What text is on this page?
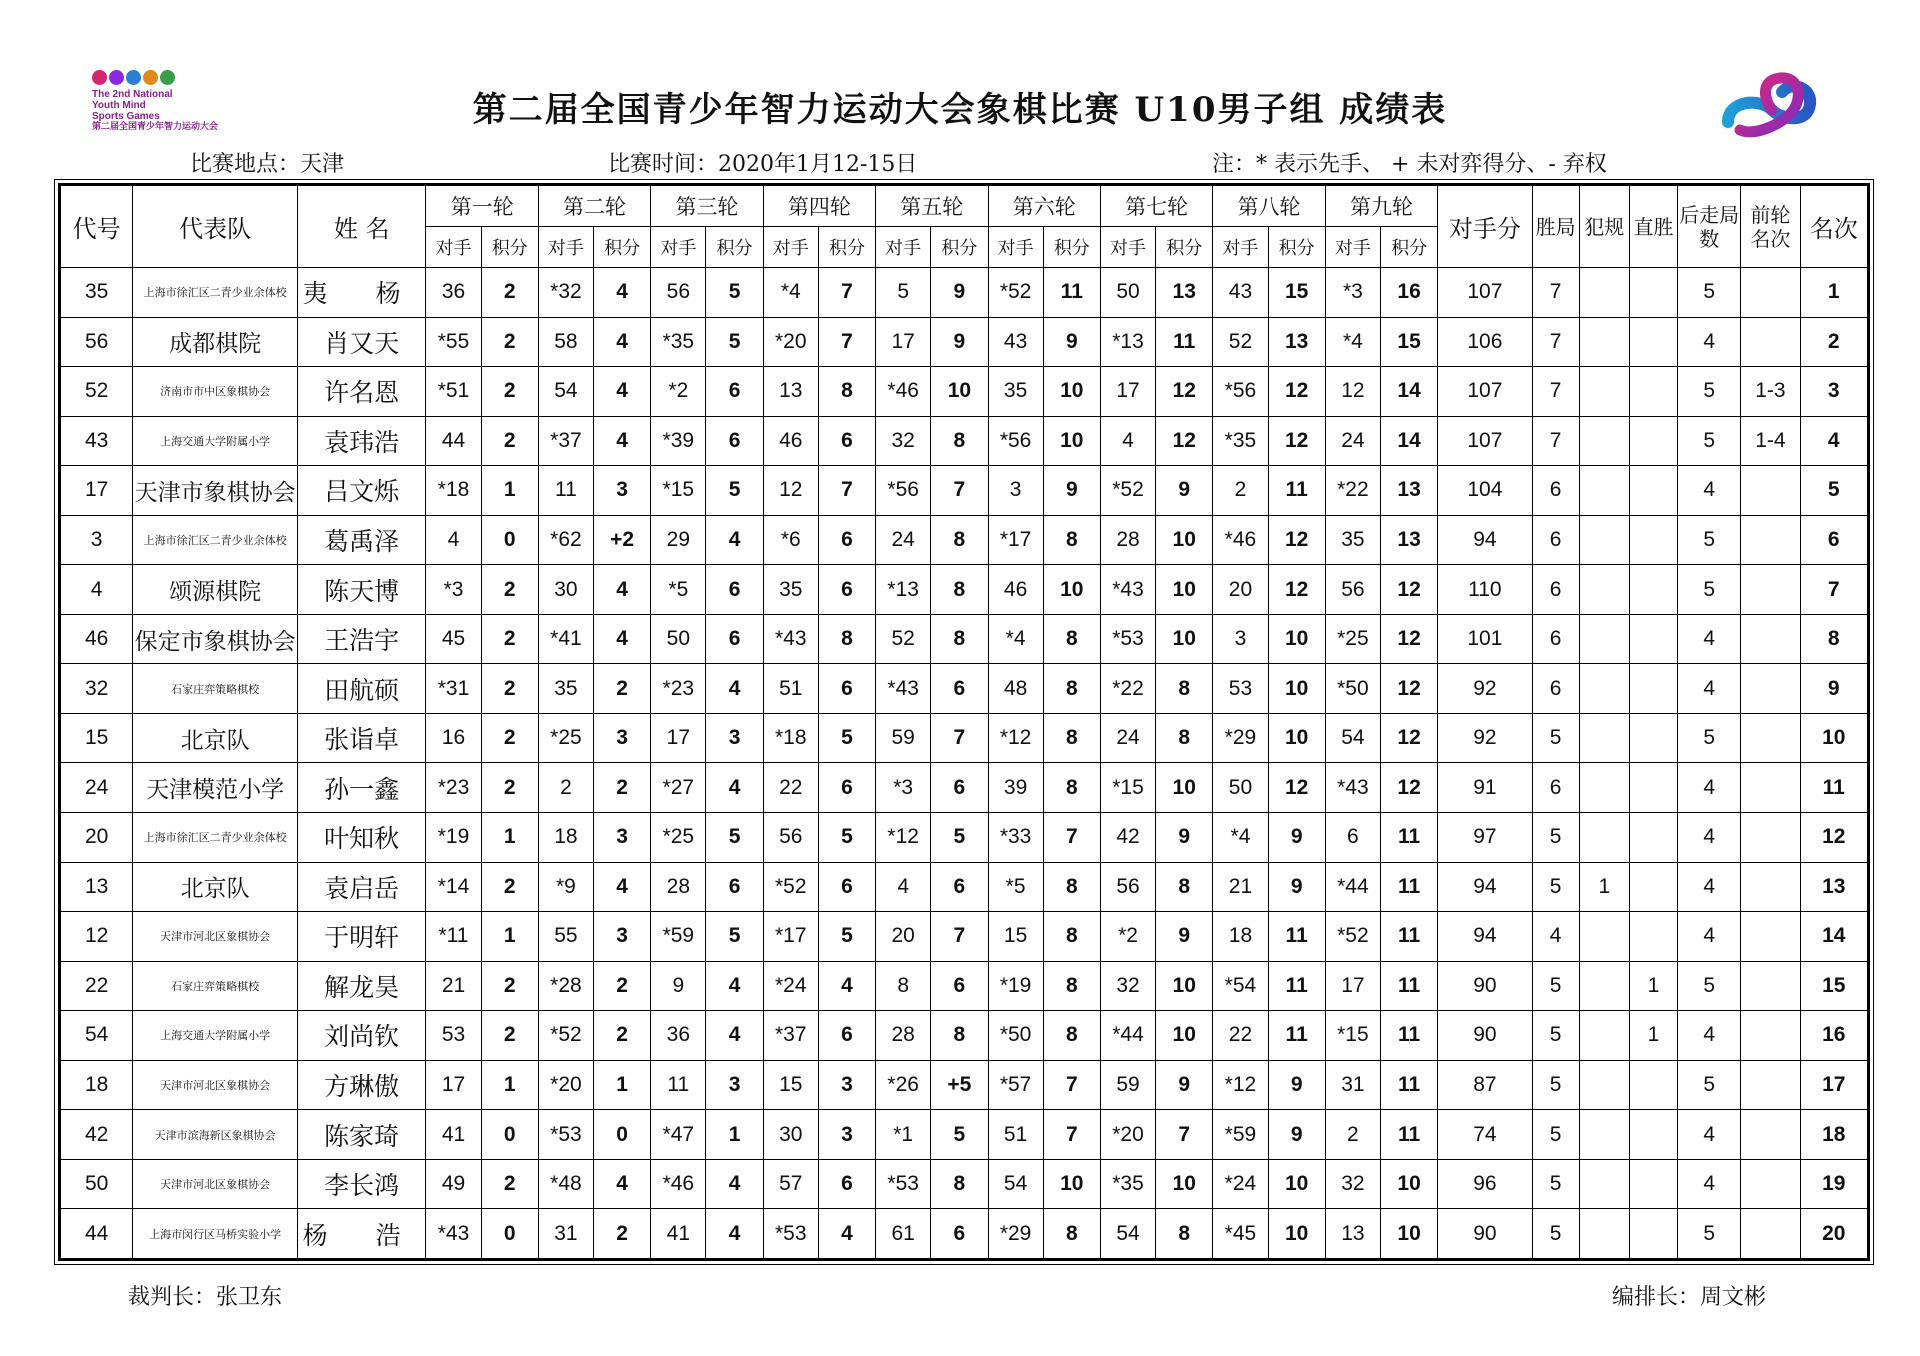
The 2nd National
Youth Mind
Sports Games
第二届全国青少年智力运动大会	第二届全国青少年智力运动大会象棋比赛 U10男子组 成绩表
比赛地点：天津	比赛时间：2020年1月12-15日	注：* 表示先手、 + 未对弈得分、- 弃权
代号	代表队	姓 名	第一轮		第二轮		第三轮		第四轮		第五轮		第六轮		第七轮		第八轮		第九轮		对手分	胜局	犯规	直胜	后走局数	前轮名次	名次
			对手	积分	对手	积分	对手	积分	对手	积分	对手	积分	对手	积分	对手	积分	对手	积分	对手	积分							
35	上海市徐汇区二青少业余体校	夷 杨	36	2	*32	4	56	5	*4	7	5	9	*52	11	50	13	43	15	*3	16	107	7			5		1
56	成都棋院	肖又天	*55	2	58	4	*35	5	*20	7	17	9	43	9	*13	11	52	13	*4	15	106	7			4		2
52	济南市市中区象棋协会	许名恩	*51	2	54	4	*2	6	13	8	*46	10	35	10	17	12	*56	12	12	14	107	7			5	1-3	3
43	上海交通大学附属小学	袁玮浩	44	2	*37	4	*39	6	46	6	32	8	*56	10	4	12	*35	12	24	14	107	7			5	1-4	4
17	天津市象棋协会	吕文烁	*18	1	11	3	*15	5	12	7	*56	7	3	9	*52	9	2	11	*22	13	104	6			4		5
3	上海市徐汇区二青少业余体校	葛禹泽	4	0	*62	+2	29	4	*6	6	24	8	*17	8	28	10	*46	12	35	13	94	6			5		6
4	颂源棋院	陈天博	*3	2	30	4	*5	6	35	6	*13	8	46	10	*43	10	20	12	56	12	110	6			5		7
46	保定市象棋协会	王浩宇	45	2	*41	4	50	6	*43	8	52	8	*4	8	*53	10	3	10	*25	12	101	6			4		8
32	石家庄弈策略棋校	田航硕	*31	2	35	2	*23	4	51	6	*43	6	48	8	*22	8	53	10	*50	12	92	6			4		9
15	北京队	张诣卓	16	2	*25	3	17	3	*18	5	59	7	*12	8	24	8	*29	10	54	12	92	5			5		10
24	天津模范小学	孙一鑫	*23	2	2	2	*27	4	22	6	*3	6	39	8	*15	10	50	12	*43	12	91	6			4		11
20	上海市徐汇区二青少业余体校	叶知秋	*19	1	18	3	*25	5	56	5	*12	5	*33	7	42	9	*4	9	6	11	97	5			4		12
13	北京队	袁启岳	*14	2	*9	4	28	6	*52	6	4	6	*5	8	56	8	21	9	*44	11	94	5	1		4		13
12	天津市河北区象棋协会	于明轩	*11	1	55	3	*59	5	*17	5	20	7	15	8	*2	9	18	11	*52	11	94	4			4		14
22	石家庄弈策略棋校	解龙昊	21	2	*28	2	9	4	*24	4	8	6	*19	8	32	10	*54	11	17	11	90	5		1	5		15
54	上海交通大学附属小学	刘尚钦	53	2	*52	2	36	4	*37	6	28	8	*50	8	*44	10	22	11	*15	11	90	5		1	4		16
18	天津市河北区象棋协会	方琳傲	17	1	*20	1	11	3	15	3	*26	+5	*57	7	59	9	*12	9	31	11	87	5			5		17
42	天津市滨海新区象棋协会	陈家琦	41	0	*53	0	*47	1	30	3	*1	5	51	7	*20	7	*59	9	2	11	74	5			4		18
50	天津市河北区象棋协会	李长鸿	49	2	*48	4	*46	4	57	6	*53	8	54	10	*35	10	*24	10	32	10	96	5			4		19
44	上海市闵行区马桥实验小学	杨 浩	*43	0	31	2	41	4	*53	4	61	6	*29	8	54	8	*45	10	13	10	90	5			5		20
裁判长：张卫东	编排长：周文彬
